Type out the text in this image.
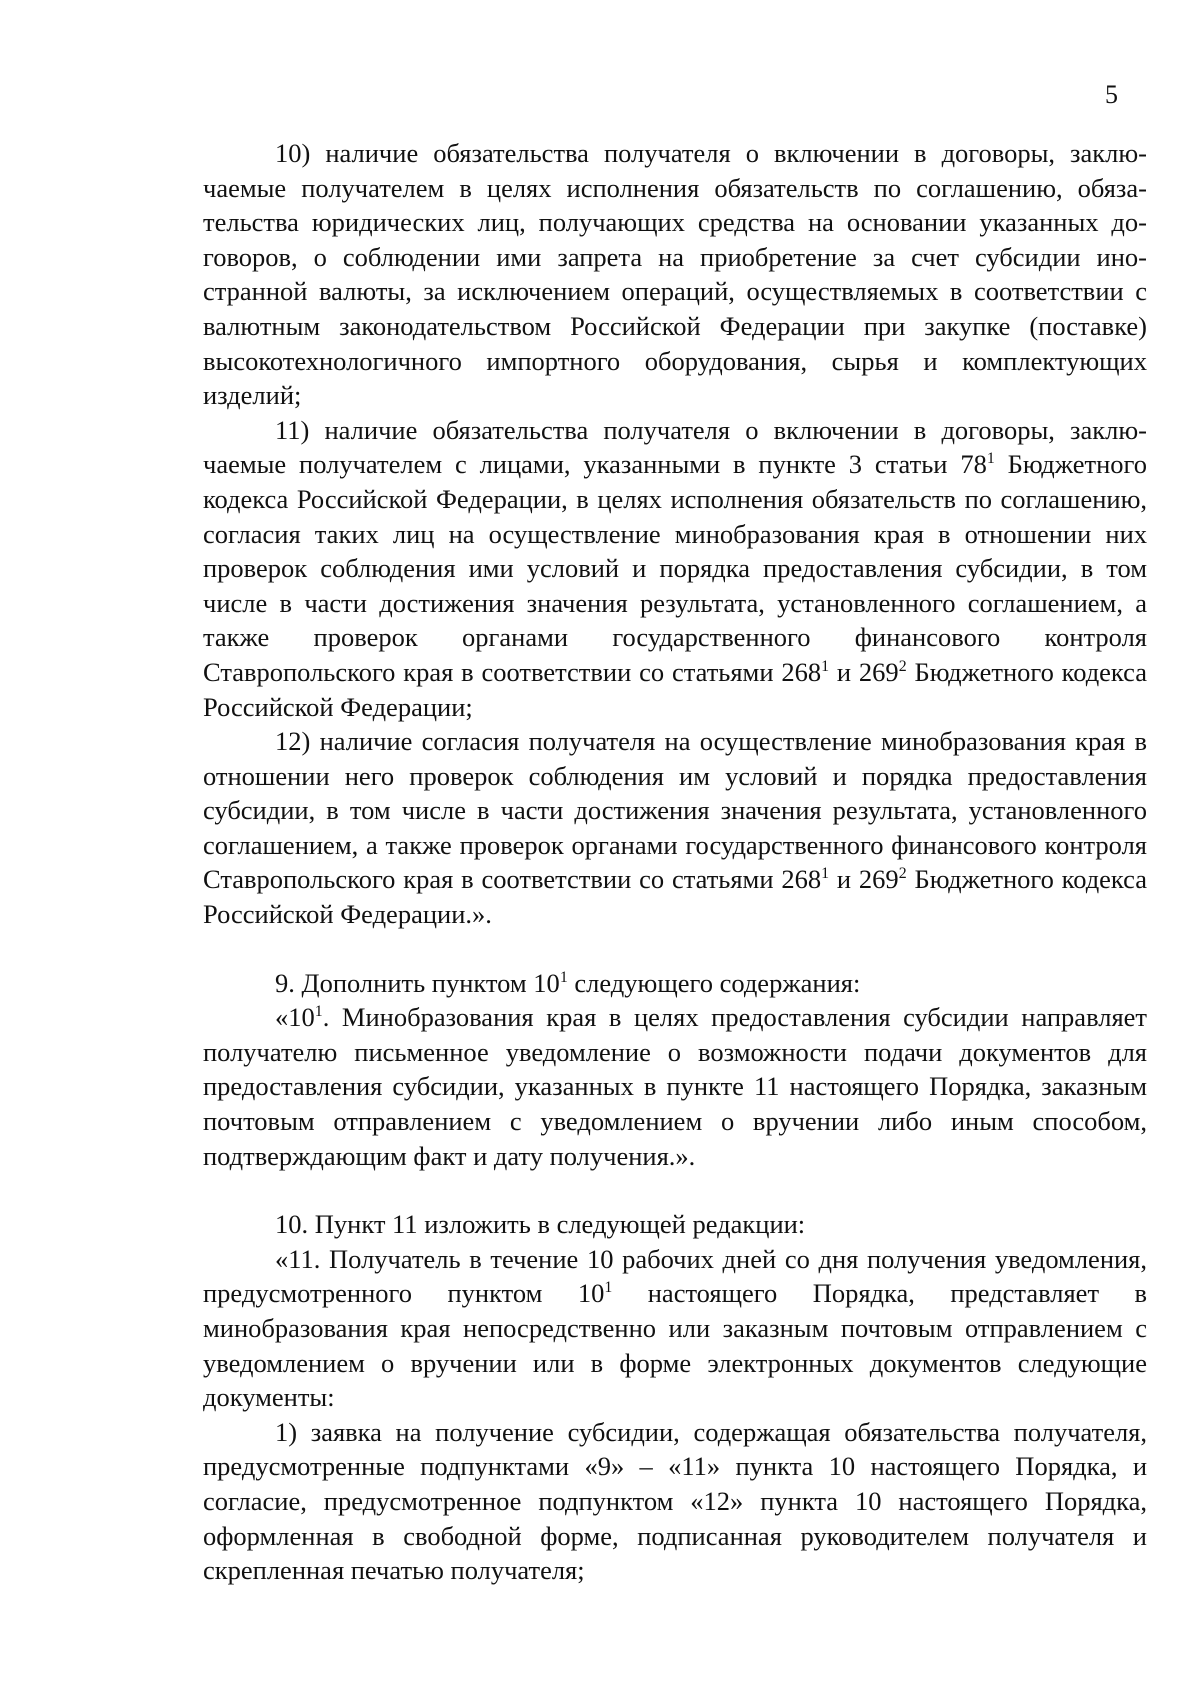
5

10) наличие обязательства получателя о включении в договоры, заключаемые получателем в целях исполнения обязательств по соглашению, обязательства юридических лиц, получающих средства на основании указанных договоров, о соблюдении ими запрета на приобретение за счет субсидии иностранной валюты, за исключением операций, осуществляемых в соответствии с валютным законодательством Российской Федерации при закупке (поставке) высокотехнологичного импортного оборудования, сырья и комплектующих изделий;

11) наличие обязательства получателя о включении в договоры, заключаемые получателем с лицами, указанными в пункте 3 статьи $78^1$ Бюджетного кодекса Российской Федерации, в целях исполнения обязательств по соглашению, согласия таких лиц на осуществление минобразования края в отношении них проверок соблюдения ими условий и порядка предоставления субсидии, в том числе в части достижения значения результата, установленного соглашением, а также проверок органами государственного финансового контроля Ставропольского края в соответствии со статьями $268^1$ и $269^2$ Бюджетного кодекса Российской Федерации;

12) наличие согласия получателя на осуществление минобразования края в отношении него проверок соблюдения им условий и порядка предоставления субсидии, в том числе в части достижения значения результата, установленного соглашением, а также проверок органами государственного финансового контроля Ставропольского края в соответствии со статьями $268^1$ и $269^2$ Бюджетного кодекса Российской Федерации.».

9. Дополнить пунктом $10^1$ следующего содержания:

«$10^1$. Минобразования края в целях предоставления субсидии направляет получателю письменное уведомление о возможности подачи документов для предоставления субсидии, указанных в пункте 11 настоящего Порядка, заказным почтовым отправлением с уведомлением о вручении либо иным способом, подтверждающим факт и дату получения.».

10. Пункт 11 изложить в следующей редакции:

«11. Получатель в течение 10 рабочих дней со дня получения уведомления, предусмотренного пунктом $10^1$ настоящего Порядка, представляет в минобразования края непосредственно или заказным почтовым отправлением с уведомлением о вручении или в форме электронных документов следующие документы:

1) заявка на получение субсидии, содержащая обязательства получателя, предусмотренные подпунктами «9» – «11» пункта 10 настоящего Порядка, и согласие, предусмотренное подпунктом «12» пункта 10 настоящего Порядка, оформленная в свободной форме, подписанная руководителем получателя и скрепленная печатью получателя;
